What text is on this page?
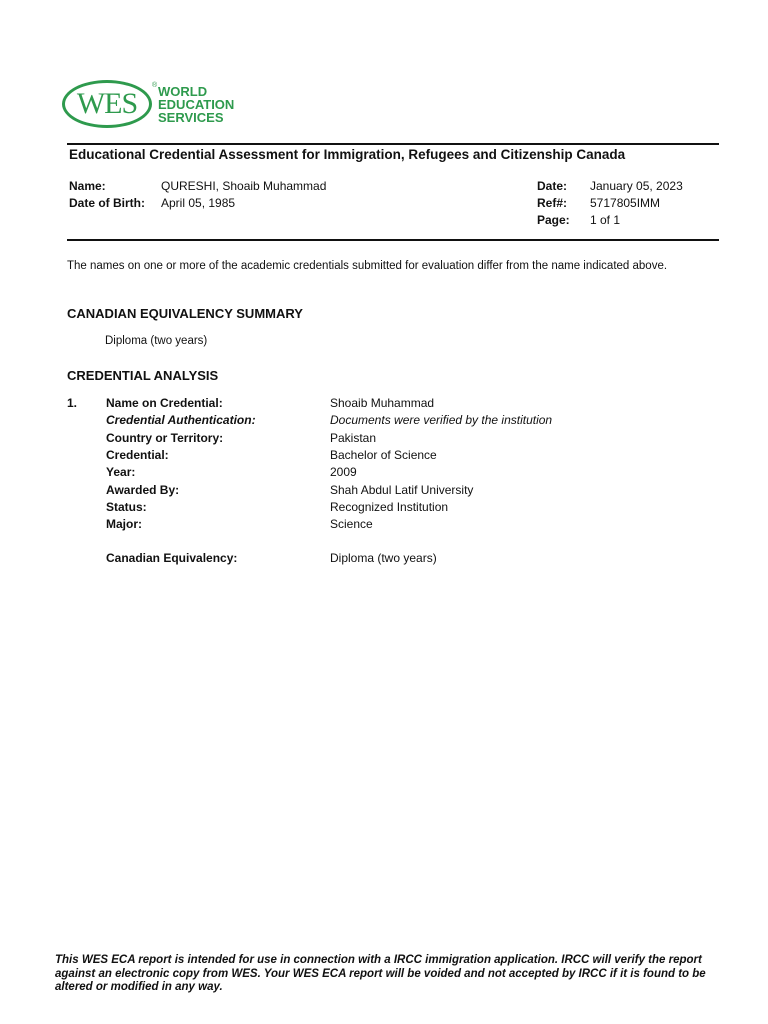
WES
® WORLD
EDUCATION
SERVICES
Educational Credential Assessment for Immigration, Refugees and Citizenship Canada
Name:	QURESHI, Shoaib Muhammad
Date of Birth: April 05, 1985
Date: January 05, 2023
Ref#: 5717805IMM
Page: 1 of 1
The names on one or more of the academic credentials submitted for evaluation differ from the name indicated above.
CANADIAN EQUIVALENCY SUMMARY
Diploma (two years)
CREDENTIAL ANALYSIS
1. Name on Credential:	Shoaib Muhammad
Credential Authentication:	Documents were verified by the institution
Country or Territory:	Pakistan
Credential:	Bachelor of Science
Year:	2009
Awarded By:	Shah Abdul Latif University
Status:	Recognized Institution
Major:	Science
Canadian Equivalency:	Diploma (two years)
This WES ECA report is intended for use in connection with a IRCC immigration application. IRCC will verify the report against an electronic copy from WES. Your WES ECA report will be voided and not accepted by IRCC if it is found to be altered or modified in any way.
